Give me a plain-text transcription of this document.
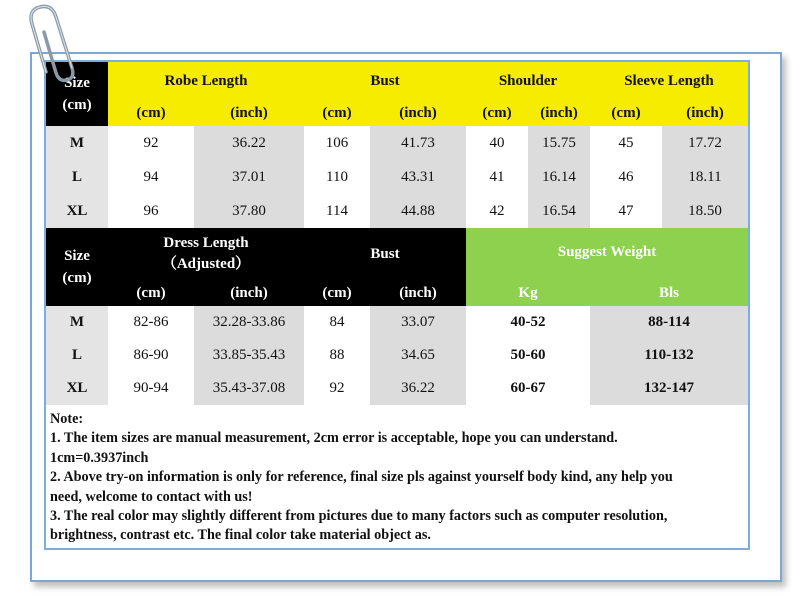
Size
(cm)
Robe Length	Bust	Shoulder	Sleeve Length
(cm)	(inch)	(cm)	(inch)	(cm)	(inch)	(cm)	(inch)
M	92	36.22	106	41.73	40	15.75	45	17.72
L	94	37.01	110	43.31	41	16.14	46	18.11
XL	96	37.80	114	44.88	42	16.54	47	18.50
Size
(cm)
Dress Length
（Adjusted）
Bust	Suggest Weight
(cm)	(inch)	(cm)	(inch)	Kg	Bls
M	82-86	32.28-33.86	84	33.07	40-52	88-114
L	86-90	33.85-35.43	88	34.65	50-60	110-132
XL	90-94	35.43-37.08	92	36.22	60-67	132-147
Note:
1. The item sizes are manual measurement, 2cm error is acceptable, hope you can understand.
1cm=0.3937inch
2. Above try-on information is only for reference, final size pls against yourself body kind, any help you
need, welcome to contact with us!
3. The real color may slightly different from pictures due to many factors such as computer resolution,
brightness, contrast etc. The final color take material object as.
